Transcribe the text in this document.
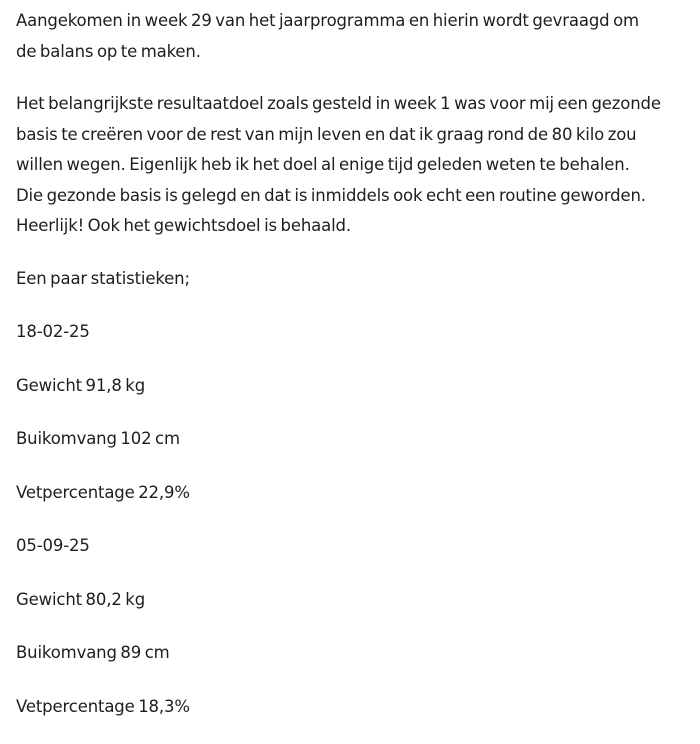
Aangekomen in week 29 van het jaarprogramma en hierin wordt gevraagd om
de balans op te maken.

Het belangrijkste resultaatdoel zoals gesteld in week 1 was voor mij een gezonde
basis te creëren voor de rest van mijn leven en dat ik graag rond de 80 kilo zou
willen wegen. Eigenlijk heb ik het doel al enige tijd geleden weten te behalen.
Die gezonde basis is gelegd en dat is inmiddels ook echt een routine geworden.
Heerlijk! Ook het gewichtsdoel is behaald.

Een paar statistieken;

18-02-25

Gewicht 91,8 kg

Buikomvang 102 cm

Vetpercentage 22,9%

05-09-25

Gewicht 80,2 kg

Buikomvang 89 cm

Vetpercentage 18,3%
